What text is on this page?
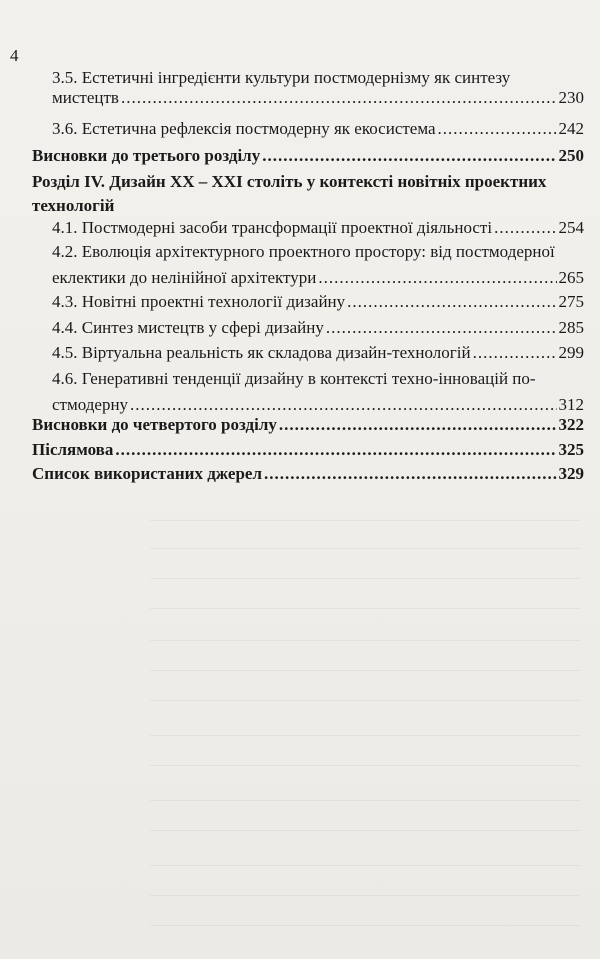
4
3.5. Естетичні інгредієнти культури постмодернізму як синтезу
мистецтв .....	230
3.6. Естетична рефлексія постмодерну як екосистема .....	242
Висновки до третього розділу .....	250
Розділ IV. Дизайн XX – XXI століть у контексті новітніх проектних
технологій
4.1. Постмодерні засоби трансформації проектної діяльності .....	254
4.2. Еволюція архітектурного проектного простору: від постмодерної
еклектики до нелінійної архітектури .....	265
4.3. Новітні проектні технології дизайну .....	275
4.4. Синтез мистецтв у сфері дизайну .....	285
4.5. Віртуальна реальність як складова дизайн-технологій .....	299
4.6. Генеративні тенденції дизайну в контексті техно-інновацій по-
стмодерну .....	312
Висновки до четвертого розділу .....	322
Післямова .....	325
Список використаних джерел .....	329
